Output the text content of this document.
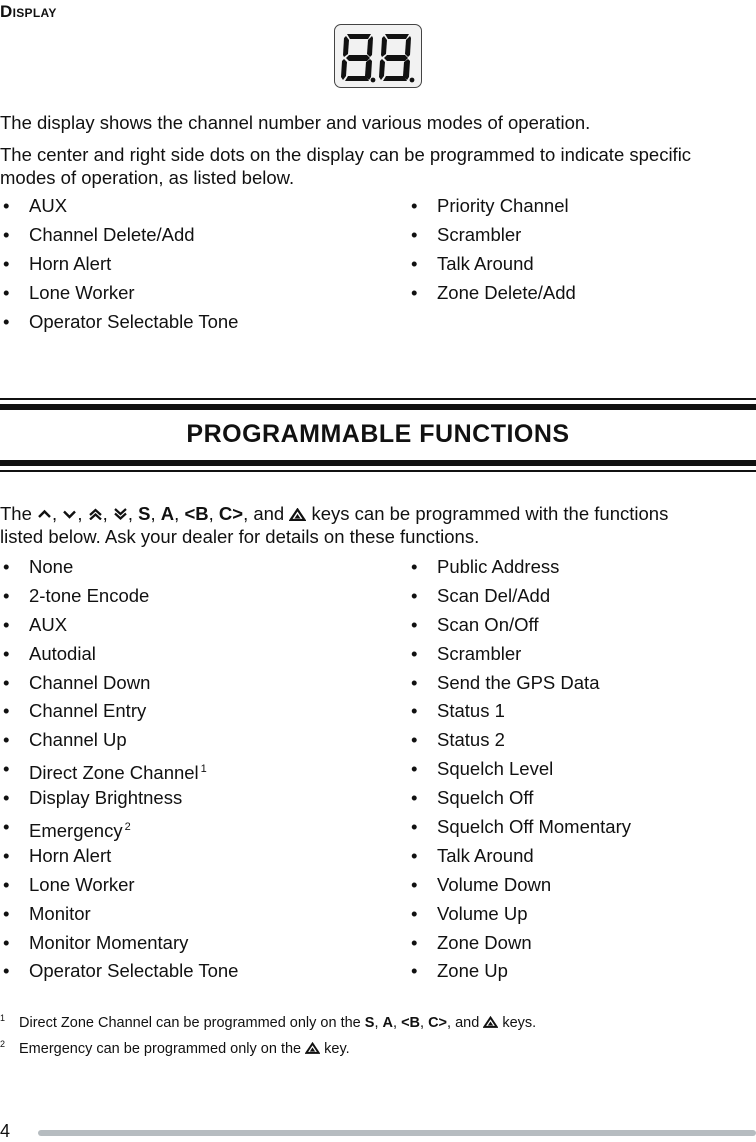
Display

The display shows the channel number and various modes of operation.

The center and right side dots on the display can be programmed to indicate specific modes of operation, as listed below.

• AUX
• Channel Delete/Add
• Horn Alert
• Lone Worker
• Operator Selectable Tone
• Priority Channel
• Scrambler
• Talk Around
• Zone Delete/Add
PROGRAMMABLE FUNCTIONS

The , , , , S, A, <B, C>, and keys can be programmed with the functions

listed below. Ask your dealer for details on these functions.

• None
• 2-tone Encode
• AUX
• Autodial
• Channel Down
• Channel Entry
• Channel Up
• Direct Zone Channel $^1$
• Display Brightness
• Emergency $^2$
• Horn Alert
• Lone Worker
• Monitor
• Monitor Momentary
• Operator Selectable Tone
• Public Address
• Scan Del/Add
• Scan On/Off
• Scrambler
• Send the GPS Data
• Status 1
• Status 2
• Squelch Level
• Squelch Off
• Squelch Off Momentary
• Talk Around
• Volume Down
• Volume Up
• Zone Down
• Zone Up

1 Direct Zone Channel can be programmed only on the S, A, <B, C>, and keys.

2 Emergency can be programmed only on the key.

4
